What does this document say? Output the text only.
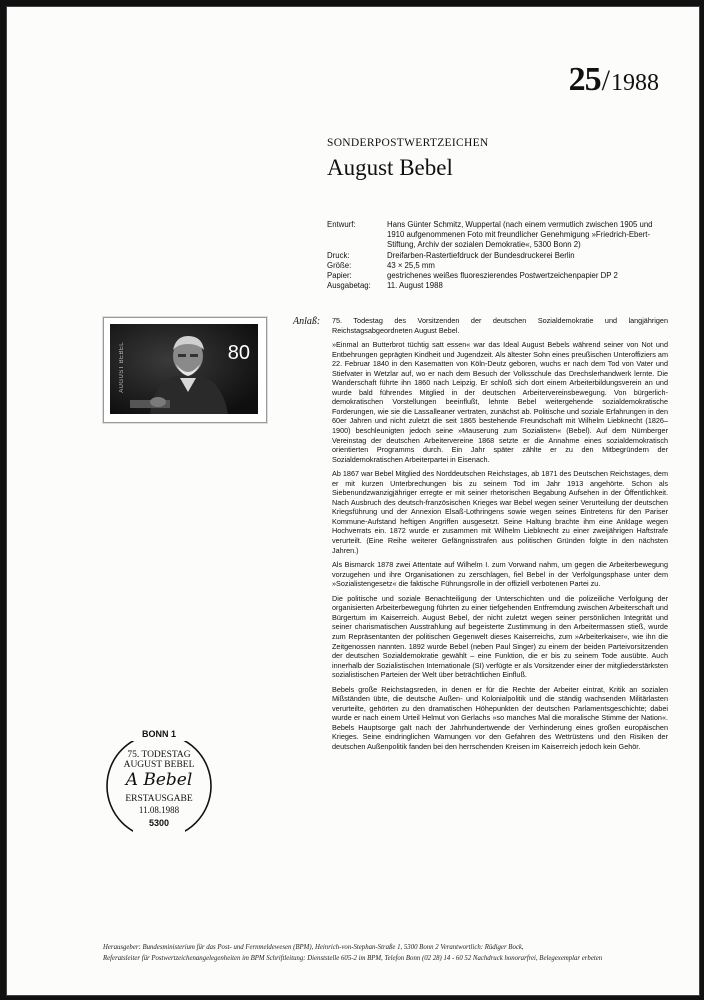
25/1988
SONDERPOSTWERTZEICHEN
August Bebel
Entwurf:	Hans Günter Schmitz, Wuppertal (nach einem vermutlich zwischen 1905 und 1910 aufgenommenen Foto mit freundlicher Genehmigung »Friedrich-Ebert-Stiftung, Archiv der sozialen Demokratie«, 5300 Bonn 2)
Druck:	Dreifarben-Rastertiefdruck der Bundesdruckerei Berlin
Größe:	43 × 25,5 mm
Papier:	gestrichenes weißes fluoreszierendes Postwertzeichenpapier DP 2
Ausgabetag:	11. August 1988
80
AUGUST BEBEL
Anlaß: 75. Todestag des Vorsitzenden der deutschen Sozialdemokratie und langjährigen Reichstagsabgeordneten August Bebel.

»Einmal an Butterbrot tüchtig satt essen« war das Ideal August Bebels während seiner von Not und Entbehrungen geprägten Kindheit und Jugendzeit. Als ältester Sohn eines preußischen Unteroffiziers am 22. Februar 1840 in den Kasematten von Köln-Deutz geboren, wuchs er nach dem Tod von Vater und Stiefvater in Wetzlar auf, wo er nach dem Besuch der Volksschule das Drechslerhandwerk lernte. Die Wanderschaft führte ihn 1860 nach Leipzig. Er schloß sich dort einem Arbeiterbildungsverein an und wurde bald führendes Mitglied in der deutschen Arbeitervereinsbewegung. Von bürgerlich-demokratischen Vorstellungen beeinflußt, lehnte Bebel weitergehende sozialdemokratische Forderungen, wie sie die Lassalleaner vertraten, zunächst ab. Politische und soziale Erfahrungen in den 60er Jahren und nicht zuletzt die seit 1865 bestehende Freundschaft mit Wilhelm Liebknecht (1826–1900) beschleunigten jedoch seine »Mauserung zum Sozialisten« (Bebel). Auf dem Nürnberger Vereinstag der deutschen Arbeitervereine 1868 setzte er die Annahme eines sozialdemokratisch orientierten Programms durch. Ein Jahr später zählte er zu den Mitbegründern der Sozialdemokratischen Arbeiterpartei in Eisenach.

Ab 1867 war Bebel Mitglied des Norddeutschen Reichstages, ab 1871 des Deutschen Reichstages, dem er mit kurzen Unterbrechungen bis zu seinem Tod im Jahr 1913 angehörte. Schon als Siebenundzwanzigjähriger erregte er mit seiner rhetorischen Begabung Aufsehen in der Öffentlichkeit. Nach Ausbruch des deutsch-französischen Krieges war Bebel wegen seiner Verurteilung der deutschen Kriegsführung und der Annexion Elsaß-Lothringens sowie wegen seines Eintretens für den Pariser Kommune-Aufstand heftigen Angriffen ausgesetzt. Seine Haltung brachte ihm eine Anklage wegen Hochverrats ein. 1872 wurde er zusammen mit Wilhelm Liebknecht zu einer zweijährigen Haftstrafe verurteilt. (Eine Reihe weiterer Gefängnisstrafen aus politischen Gründen folgte in den nächsten Jahren.)

Als Bismarck 1878 zwei Attentate auf Wilhelm I. zum Vorwand nahm, um gegen die Arbeiterbewegung vorzugehen und ihre Organisationen zu zerschlagen, fiel Bebel in der Verfolgungsphase unter dem »Sozialistengesetz« die faktische Führungsrolle in der offiziell verbotenen Partei zu.

Die politische und soziale Benachteiligung der Unterschichten und die polizeiliche Verfolgung der organisierten Arbeiterbewegung führten zu einer tiefgehenden Entfremdung zwischen Arbeiterschaft und Bürgertum im Kaiserreich. August Bebel, der nicht zuletzt wegen seiner persönlichen Integrität und seiner charismatischen Ausstrahlung auf begeisterte Zustimmung in den Arbeitermassen stieß, wurde zum Repräsentanten der politischen Gegenwelt dieses Kaiserreichs, zum »Arbeiterkaiser«, wie ihn die Zeitgenossen nannten. 1892 wurde Bebel (neben Paul Singer) zu einem der beiden Parteivorsitzenden der deutschen Sozialdemokratie gewählt – eine Funktion, die er bis zu seinem Tode ausübte. Auch innerhalb der Sozialistischen Internationale (SI) verfügte er als Vorsitzender einer der mitgliederstärksten sozialistischen Parteien der Welt über beträchtlichen Einfluß.

Bebels große Reichstagsreden, in denen er für die Rechte der Arbeiter eintrat, Kritik an sozialen Mißständen übte, die deutsche Außen- und Kolonialpolitik und die ständig wachsenden Militärlasten verurteilte, gehörten zu den dramatischen Höhepunkten der deutschen Parlamentsgeschichte; dabei wurde er nach einem Urteil Helmut von Gerlachs »so manches Mal die moralische Stimme der Nation«. Bebels Hauptsorge galt nach der Jahrhundertwende der Verhinderung eines großen europäischen Krieges. Seine eindringlichen Warnungen vor den Gefahren des Wettrüstens und den Risiken der deutschen Außenpolitik fanden bei den herrschenden Kreisen im Kaiserreich jedoch kein Gehör.

BONN 1
75. TODESTAG
AUGUST BEBEL
A Bebel
ERSTAUSGABE
11.08.1988
5300
Herausgeber: Bundesministerium für das Post- und Fernmeldewesen (BPM), Heinrich-von-Stephan-Straße 1, 5300 Bonn 2 Verantwortlich: Rüdiger Bock,
Referatsleiter für Postwertzeichenangelegenheiten im BPM Schriftleitung: Dienststelle 605-2 im BPM, Telefon Bonn (02 28) 14 - 60 52 Nachdruck honorarfrei, Belegexemplar erbeten
